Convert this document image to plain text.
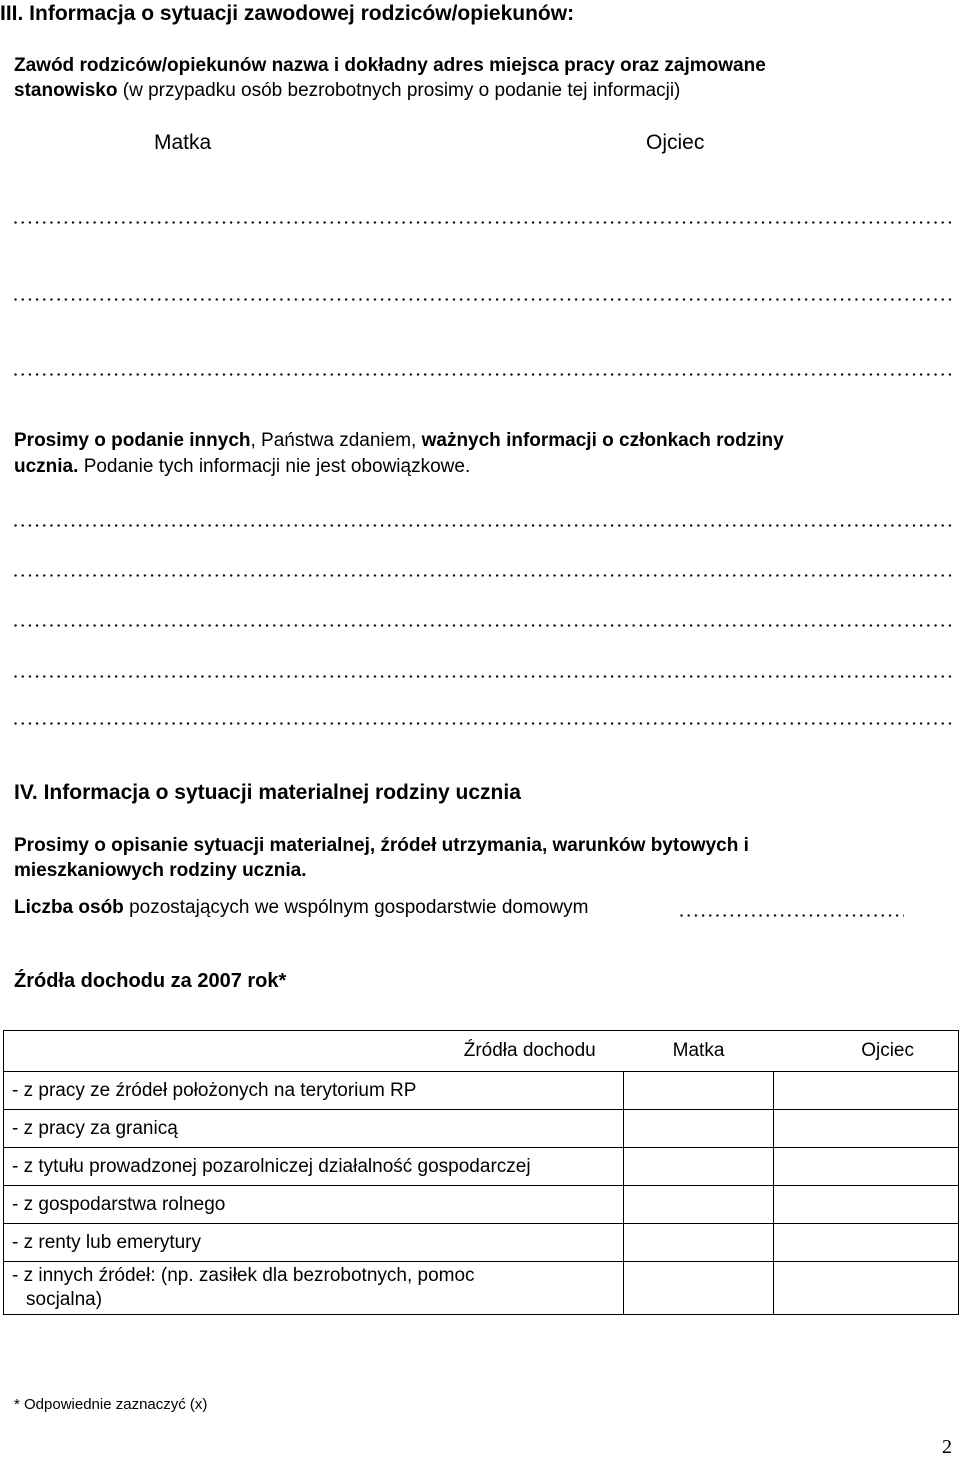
III. Informacja o sytuacji zawodowej rodziców/opiekunów:
Zawód rodziców/opiekunów nazwa i dokładny adres miejsca pracy oraz zajmowane
stanowisko (w przypadku osób bezrobotnych prosimy o podanie tej informacji)
Matka	Ojciec
Prosimy o podanie innych, Państwa zdaniem, ważnych informacji o członkach rodziny
ucznia. Podanie tych informacji nie jest obowiązkowe.
IV. Informacja o sytuacji materialnej rodziny ucznia
Prosimy o opisanie sytuacji materialnej, źródeł utrzymania, warunków bytowych i
mieszkaniowych rodziny ucznia.
Liczba osób pozostających we wspólnym gospodarstwie domowym
Źródła dochodu za 2007 rok*
Źródła dochodu	Matka	Ojciec
- z pracy ze źródeł położonych na terytorium RP		
- z pracy za granicą		
- z tytułu prowadzonej pozarolniczej działalność gospodarczej		
- z gospodarstwa rolnego		
- z renty lub emerytury		

- z innych źródeł: (np. zasiłek dla bezrobotnych, pomoc
socjalna)		

* Odpowiednie zaznaczyć (x)
2
